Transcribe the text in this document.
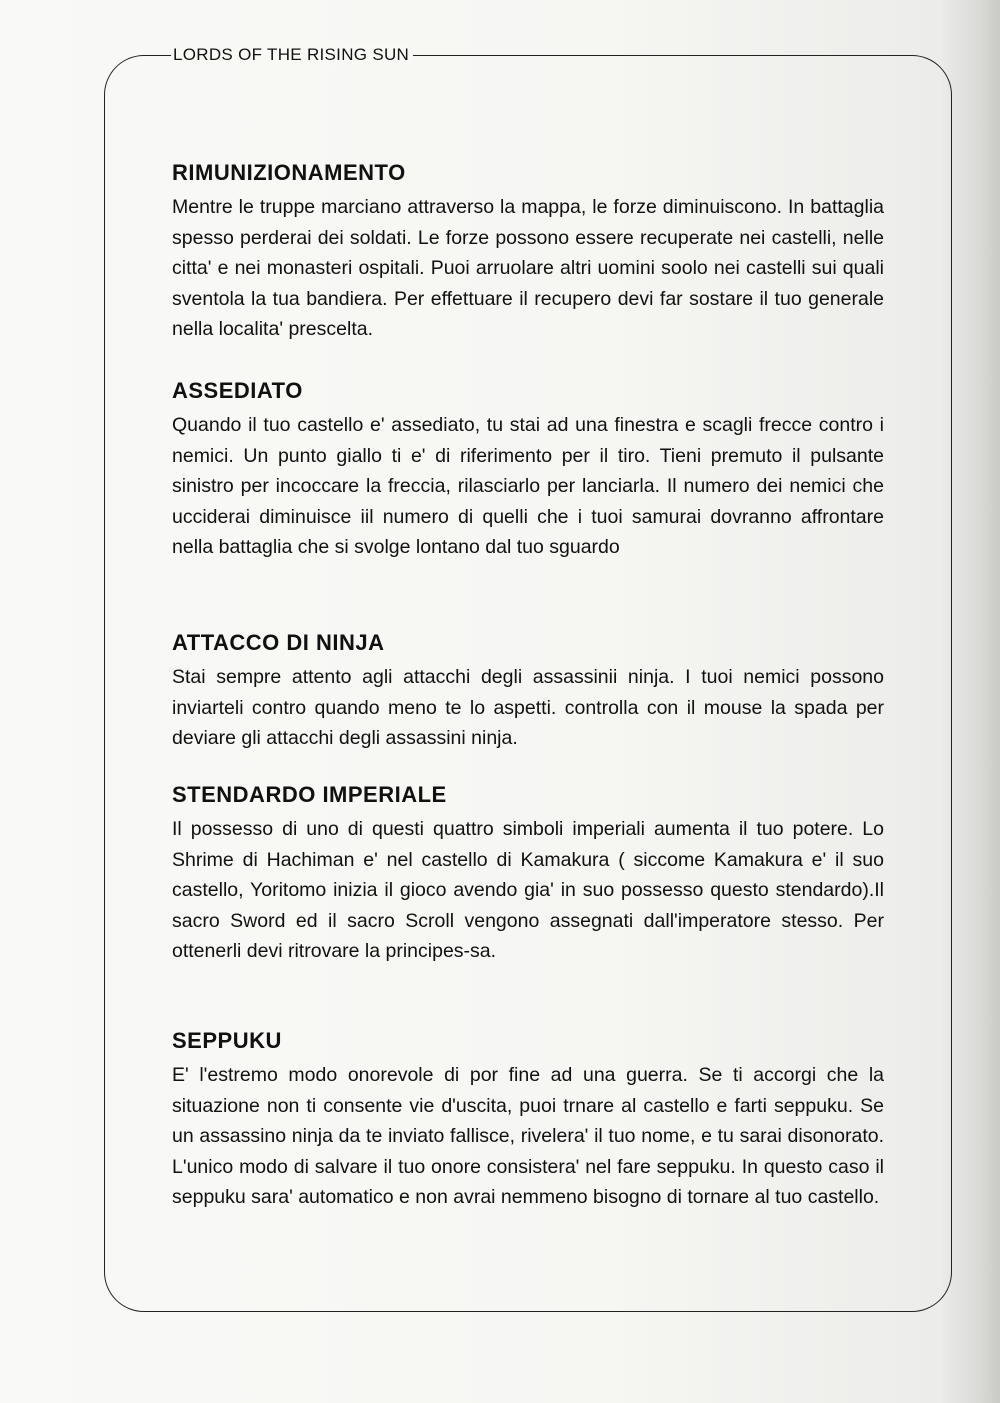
LORDS OF THE RISING SUN
RIMUNIZIONAMENTO

Mentre le truppe marciano attraverso la mappa, le forze diminuiscono. In battaglia spesso perderai dei soldati. Le forze possono essere recuperate nei castelli, nelle citta' e nei monasteri ospitali. Puoi arruolare altri uomini soolo nei castelli sui quali sventola la tua bandiera. Per effettuare il recupero devi far sostare il tuo generale nella localita' prescelta.

ASSEDIATO

Quando il tuo castello e' assediato, tu stai ad una finestra e scagli frecce contro i nemici. Un punto giallo ti e' di riferimento per il tiro. Tieni premuto il pulsante sinistro per incoccare la freccia, rilasciarlo per lanciarla. Il numero dei nemici che ucciderai diminuisce iil numero di quelli che i tuoi samurai dovranno affrontare nella battaglia che si svolge lontano dal tuo sguardo

ATTACCO DI NINJA

Stai sempre attento agli attacchi degli assassinii ninja. I tuoi nemici possono inviarteli contro quando meno te lo aspetti. controlla con il mouse la spada per deviare gli attacchi degli assassini ninja.

STENDARDO IMPERIALE

Il possesso di uno di questi quattro simboli imperiali aumenta il tuo potere. Lo Shrime di Hachiman e' nel castello di Kamakura ( siccome Kamakura e' il suo castello, Yoritomo inizia il gioco avendo gia' in suo possesso questo stendardo).Il sacro Sword ed il sacro Scroll vengono assegnati dall'imperatore stesso. Per ottenerli devi ritrovare la principes-sa.

SEPPUKU

E' l'estremo modo onorevole di por fine ad una guerra. Se ti accorgi che la situazione non ti consente vie d'uscita, puoi trnare al castello e farti seppuku. Se un assassino ninja da te inviato fallisce, rivelera' il tuo nome, e tu sarai disonorato. L'unico modo di salvare il tuo onore consistera' nel fare seppuku. In questo caso il seppuku sara' automatico e non avrai nemmeno bisogno di tornare al tuo castello.
